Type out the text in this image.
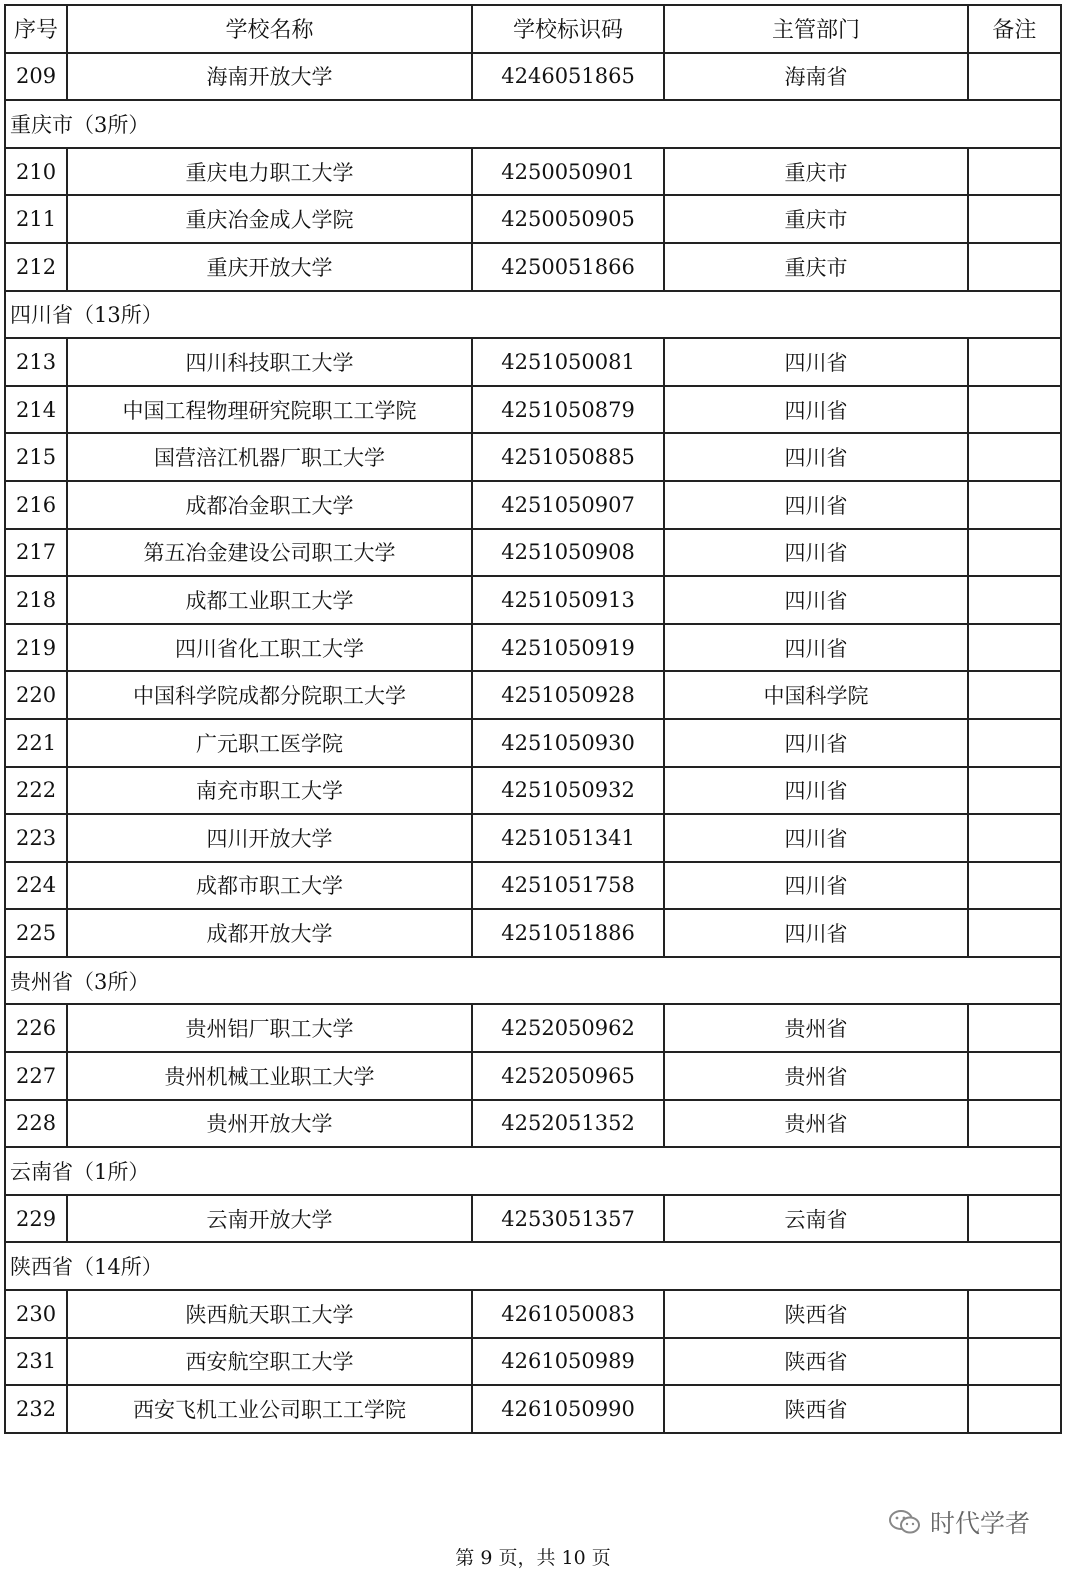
序号	学校名称	学校标识码	主管部门	备注
209	海南开放大学	4246051865	海南省	
重庆市（3所）				
210	重庆电力职工大学	4250050901	重庆市	
211	重庆冶金成人学院	4250050905	重庆市	
212	重庆开放大学	4250051866	重庆市	
四川省（13所）				
213	四川科技职工大学	4251050081	四川省	
214	中国工程物理研究院职工工学院	4251050879	四川省	
215	国营涪江机器厂职工大学	4251050885	四川省	
216	成都冶金职工大学	4251050907	四川省	
217	第五冶金建设公司职工大学	4251050908	四川省	
218	成都工业职工大学	4251050913	四川省	
219	四川省化工职工大学	4251050919	四川省	
220	中国科学院成都分院职工大学	4251050928	中国科学院	
221	广元职工医学院	4251050930	四川省	
222	南充市职工大学	4251050932	四川省	
223	四川开放大学	4251051341	四川省	
224	成都市职工大学	4251051758	四川省	
225	成都开放大学	4251051886	四川省	
贵州省（3所）				
226	贵州铝厂职工大学	4252050962	贵州省	
227	贵州机械工业职工大学	4252050965	贵州省	
228	贵州开放大学	4252051352	贵州省	
云南省（1所）				
229	云南开放大学	4253051357	云南省	
陕西省（14所）				
230	陕西航天职工大学	4261050083	陕西省	
231	西安航空职工大学	4261050989	陕西省	
232	西安飞机工业公司职工工学院	4261050990	陕西省	
时代学者
第 9 页，共 10 页
